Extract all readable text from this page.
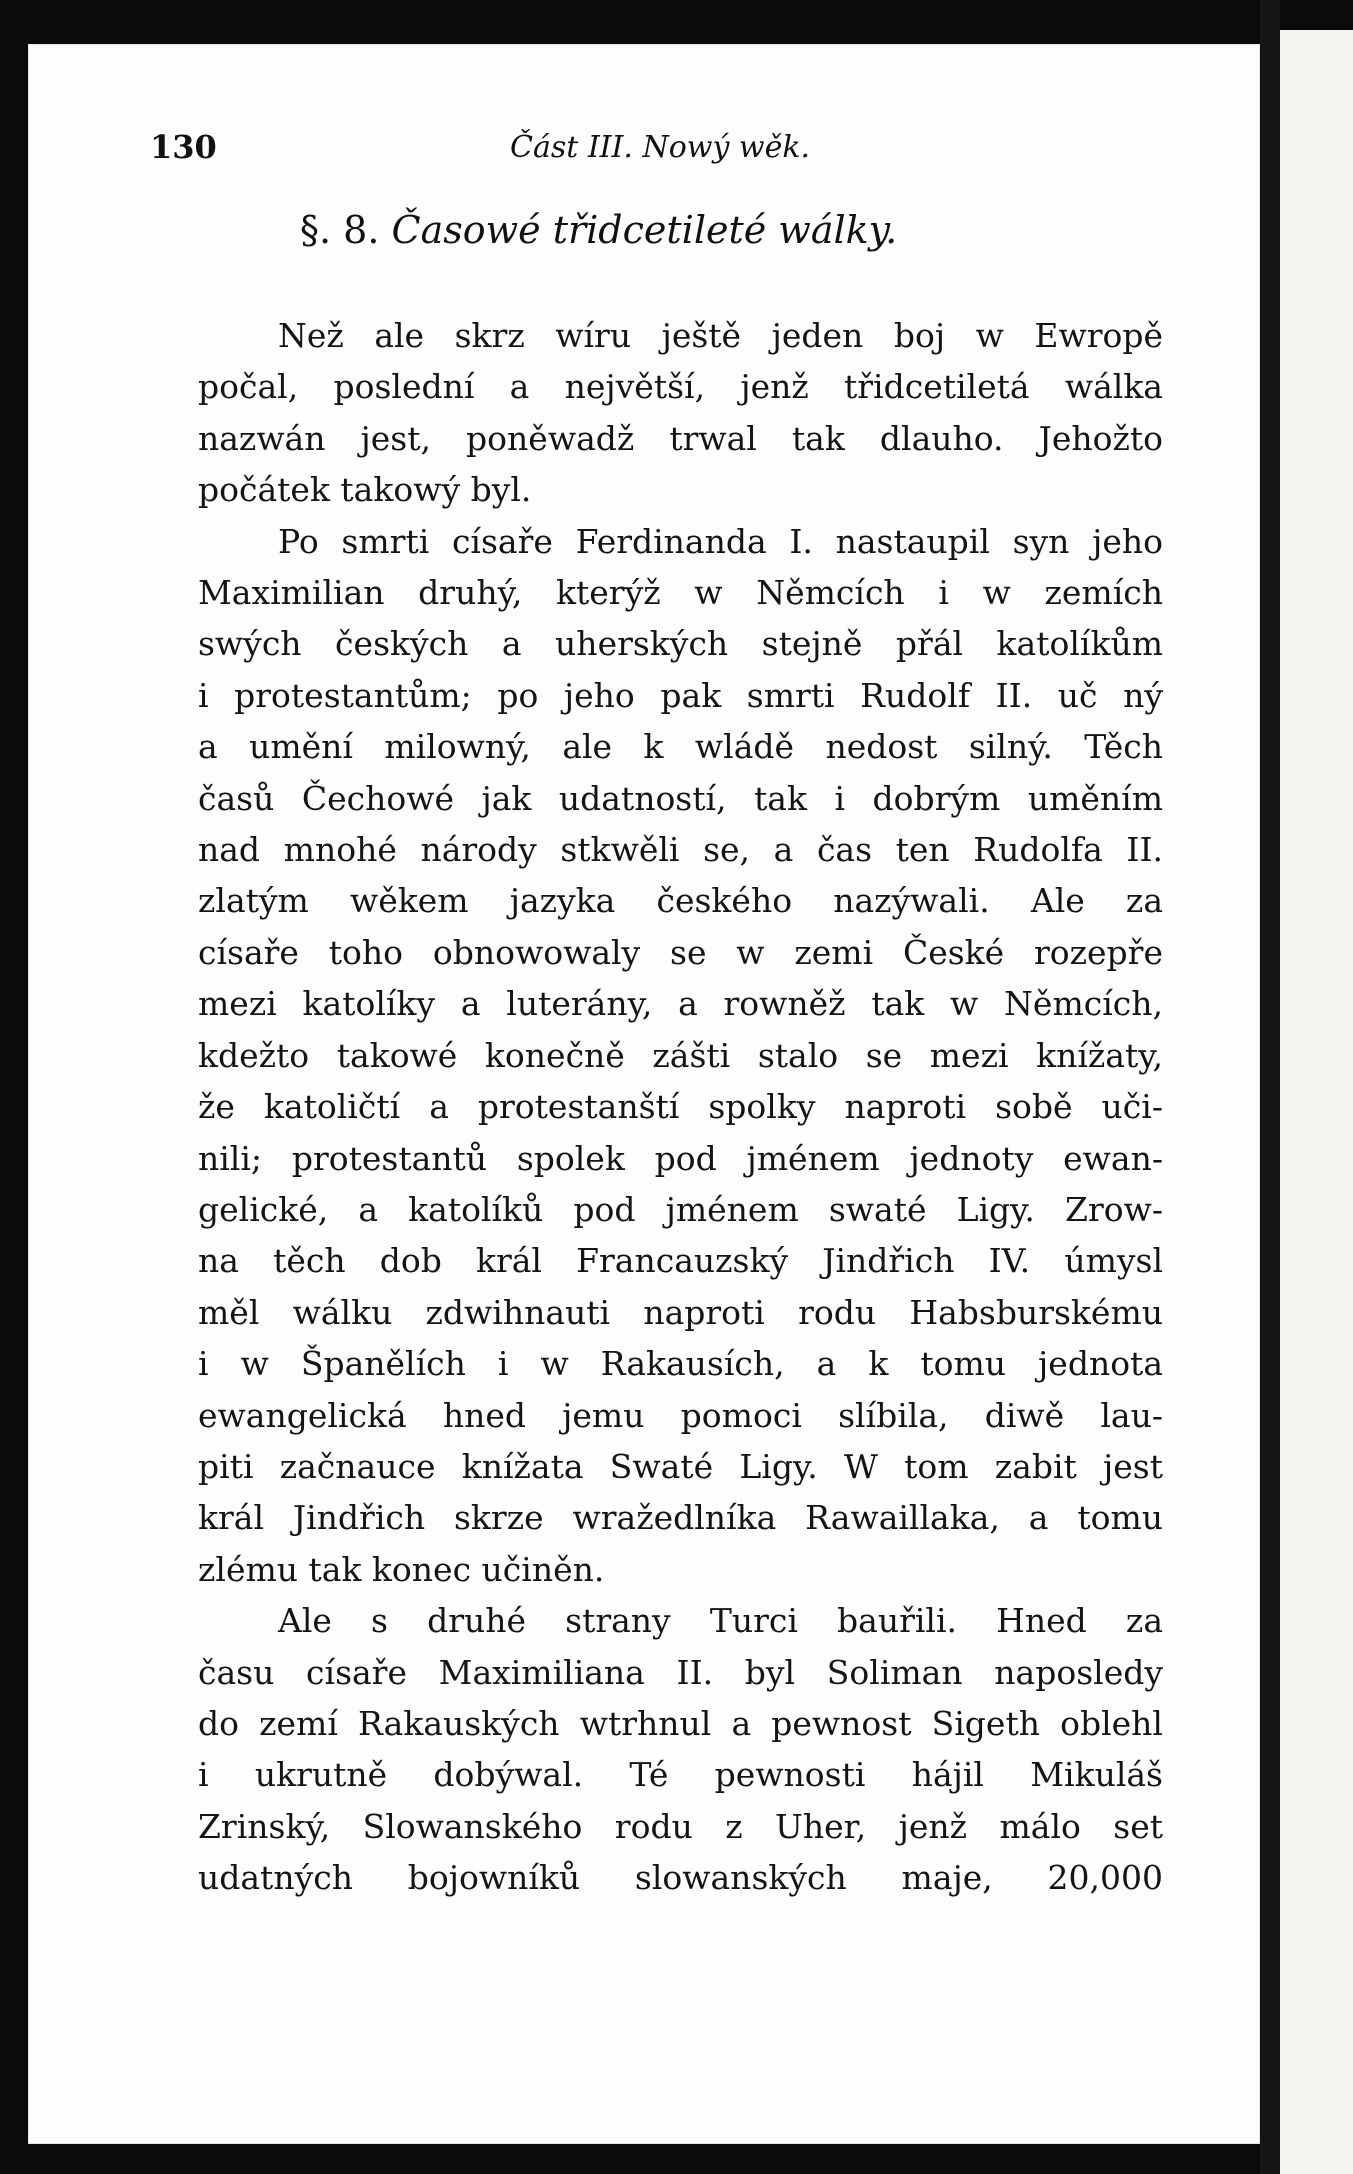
130	Část III. Nowý wěk.
§. 8. Časowé třidcetileté wálky.
Než ale skrz wíru ještě jeden boj w Ewropě
počal, poslední a největší, jenž třidcetiletá wálka
nazwán jest, poněwadž trwal tak dlauho. Jehožto
počátek takowý byl.
Po smrti císaře Ferdinanda I. nastaupil syn jeho
Maximilian druhý, kterýž w Němcích i w zemích
swých českých a uherských stejně přál katolíkům
i protestantům; po jeho pak smrti Rudolf II. uč ný
a umění milowný, ale k wládě nedost silný. Těch
časů Čechowé jak udatností, tak i dobrým uměním
nad mnohé národy stkwěli se, a čas ten Rudolfa II.
zlatým wěkem jazyka českého nazýwali. Ale za
císaře toho obnowowaly se w zemi České rozepře
mezi katolíky a luterány, a rowněž tak w Němcích,
kdežto takowé konečně zášti stalo se mezi knížaty,
že katoličtí a protestanští spolky naproti sobě uči-
nili; protestantů spolek pod jménem jednoty ewan-
gelické, a katolíků pod jménem swaté Ligy. Zrow-
na těch dob král Francauzský Jindřich IV. úmysl
měl wálku zdwihnauti naproti rodu Habsburskému
i w Španělích i w Rakausích, a k tomu jednota
ewangelická hned jemu pomoci slíbila, diwě lau-
piti začnauce knížata Swaté Ligy. W tom zabit jest
král Jindřich skrze wražedlníka Rawaillaka, a tomu
zlému tak konec učiněn.
Ale s druhé strany Turci bauřili. Hned za
času císaře Maximiliana II. byl Soliman naposledy
do zemí Rakauských wtrhnul a pewnost Sigeth oblehl
i ukrutně dobýwal. Té pewnosti hájil Mikuláš
Zrinský, Slowanského rodu z Uher, jenž málo set
udatných bojowníků slowanských maje, 20,000
